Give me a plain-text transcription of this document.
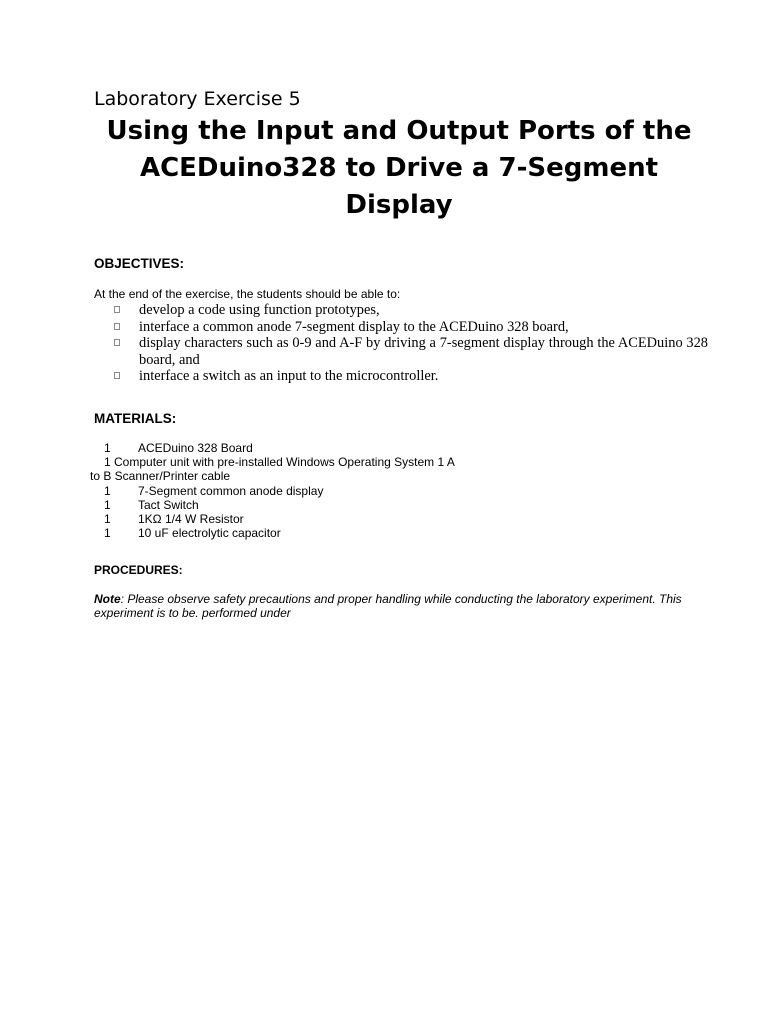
Laboratory Exercise 5
Using the Input and Output Ports of the
ACEDuino328 to Drive a 7-Segment
Display
OBJECTIVES:
At the end of the exercise, the students should be able to:
develop a code using function prototypes,
interface a common anode 7-segment display to the ACEDuino 328 board,
display characters such as 0-9 and A-F by driving a 7-segment display through the ACEDuino 328 board, and
interface a switch as an input to the microcontroller.
MATERIALS:
1	ACEDuino 328 Board
1 Computer unit with pre-installed Windows Operating System 1 A
to B Scanner/Printer cable
1	7-Segment common anode display
1	Tact Switch
1	1KΩ 1/4 W Resistor
1	10 uF electrolytic capacitor
PROCEDURES:
Note: Please observe safety precautions and proper handling while conducting the laboratory experiment. This experiment is to be. performed under
